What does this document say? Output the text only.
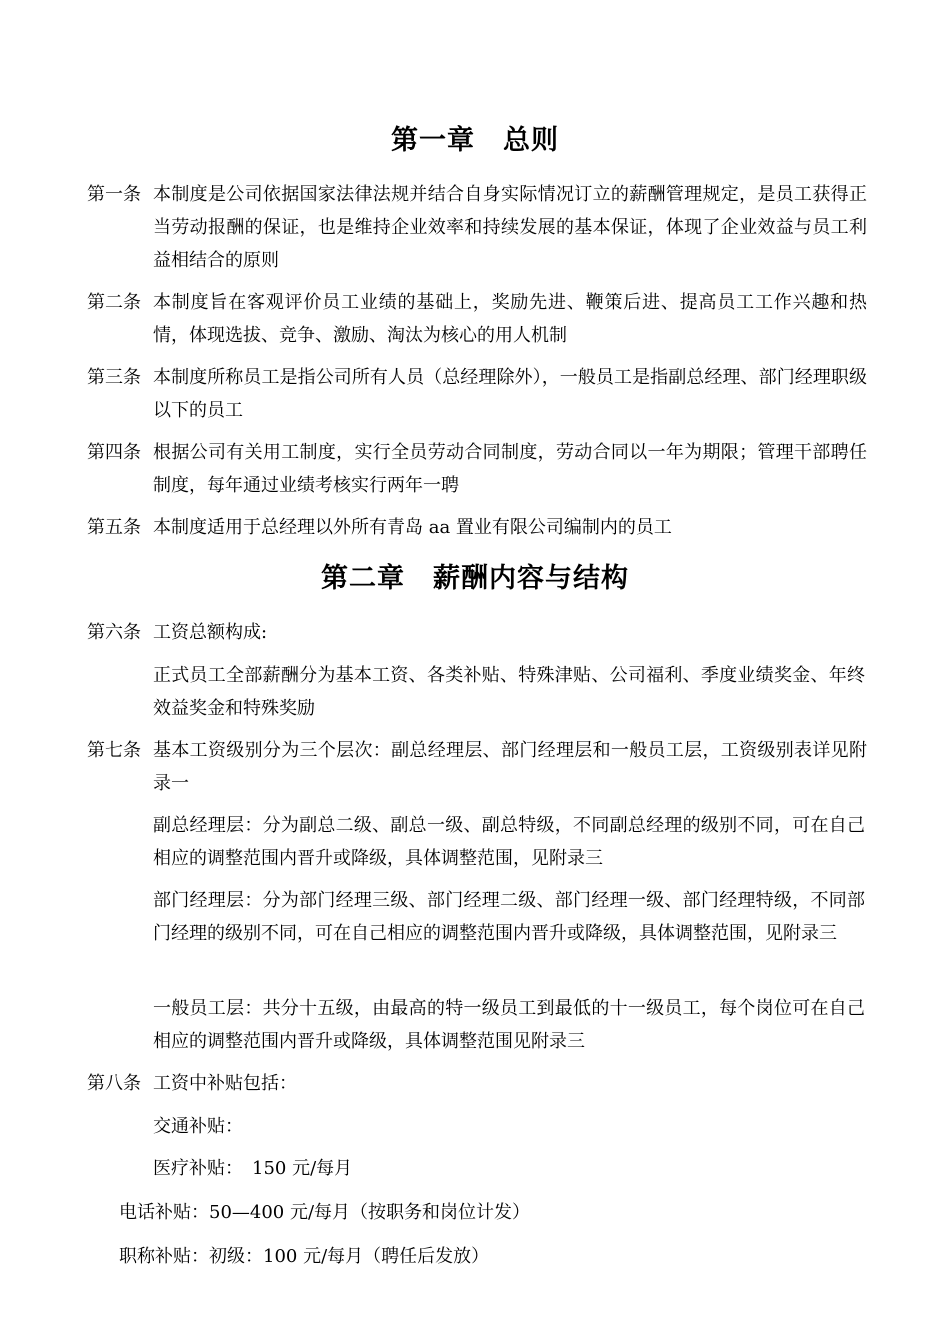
第一章　总则
第一条 本制度是公司依据国家法律法规并结合自身实际情况订立的薪酬管理规定，是员工获得正当劳动报酬的保证，也是维持企业效率和持续发展的基本保证，体现了企业效益与员工利益相结合的原则
第二条 本制度旨在客观评价员工业绩的基础上，奖励先进、鞭策后进、提高员工工作兴趣和热情，体现选拔、竞争、激励、淘汰为核心的用人机制
第三条 本制度所称员工是指公司所有人员（总经理除外），一般员工是指副总经理、部门经理职级以下的员工
第四条 根据公司有关用工制度，实行全员劳动合同制度，劳动合同以一年为期限；管理干部聘任制度，每年通过业绩考核实行两年一聘
第五条 本制度适用于总经理以外所有青岛 aa 置业有限公司编制内的员工
第二章　薪酬内容与结构
第六条 工资总额构成:
正式员工全部薪酬分为基本工资、各类补贴、特殊津贴、公司福利、季度业绩奖金、年终效益奖金和特殊奖励
第七条 基本工资级别分为三个层次：副总经理层、部门经理层和一般员工层，工资级别表详见附录一
副总经理层：分为副总二级、副总一级、副总特级，不同副总经理的级别不同，可在自己相应的调整范围内晋升或降级，具体调整范围，见附录三
部门经理层：分为部门经理三级、部门经理二级、部门经理一级、部门经理特级，不同部门经理的级别不同，可在自己相应的调整范围内晋升或降级，具体调整范围，见附录三
一般员工层：共分十五级，由最高的特一级员工到最低的十一级员工，每个岗位可在自己相应的调整范围内晋升或降级，具体调整范围见附录三
第八条 工资中补贴包括：
交通补贴：
医疗补贴：　150 元/每月
电话补贴：50—400 元/每月（按职务和岗位计发）
职称补贴：初级：100 元/每月（聘任后发放）
